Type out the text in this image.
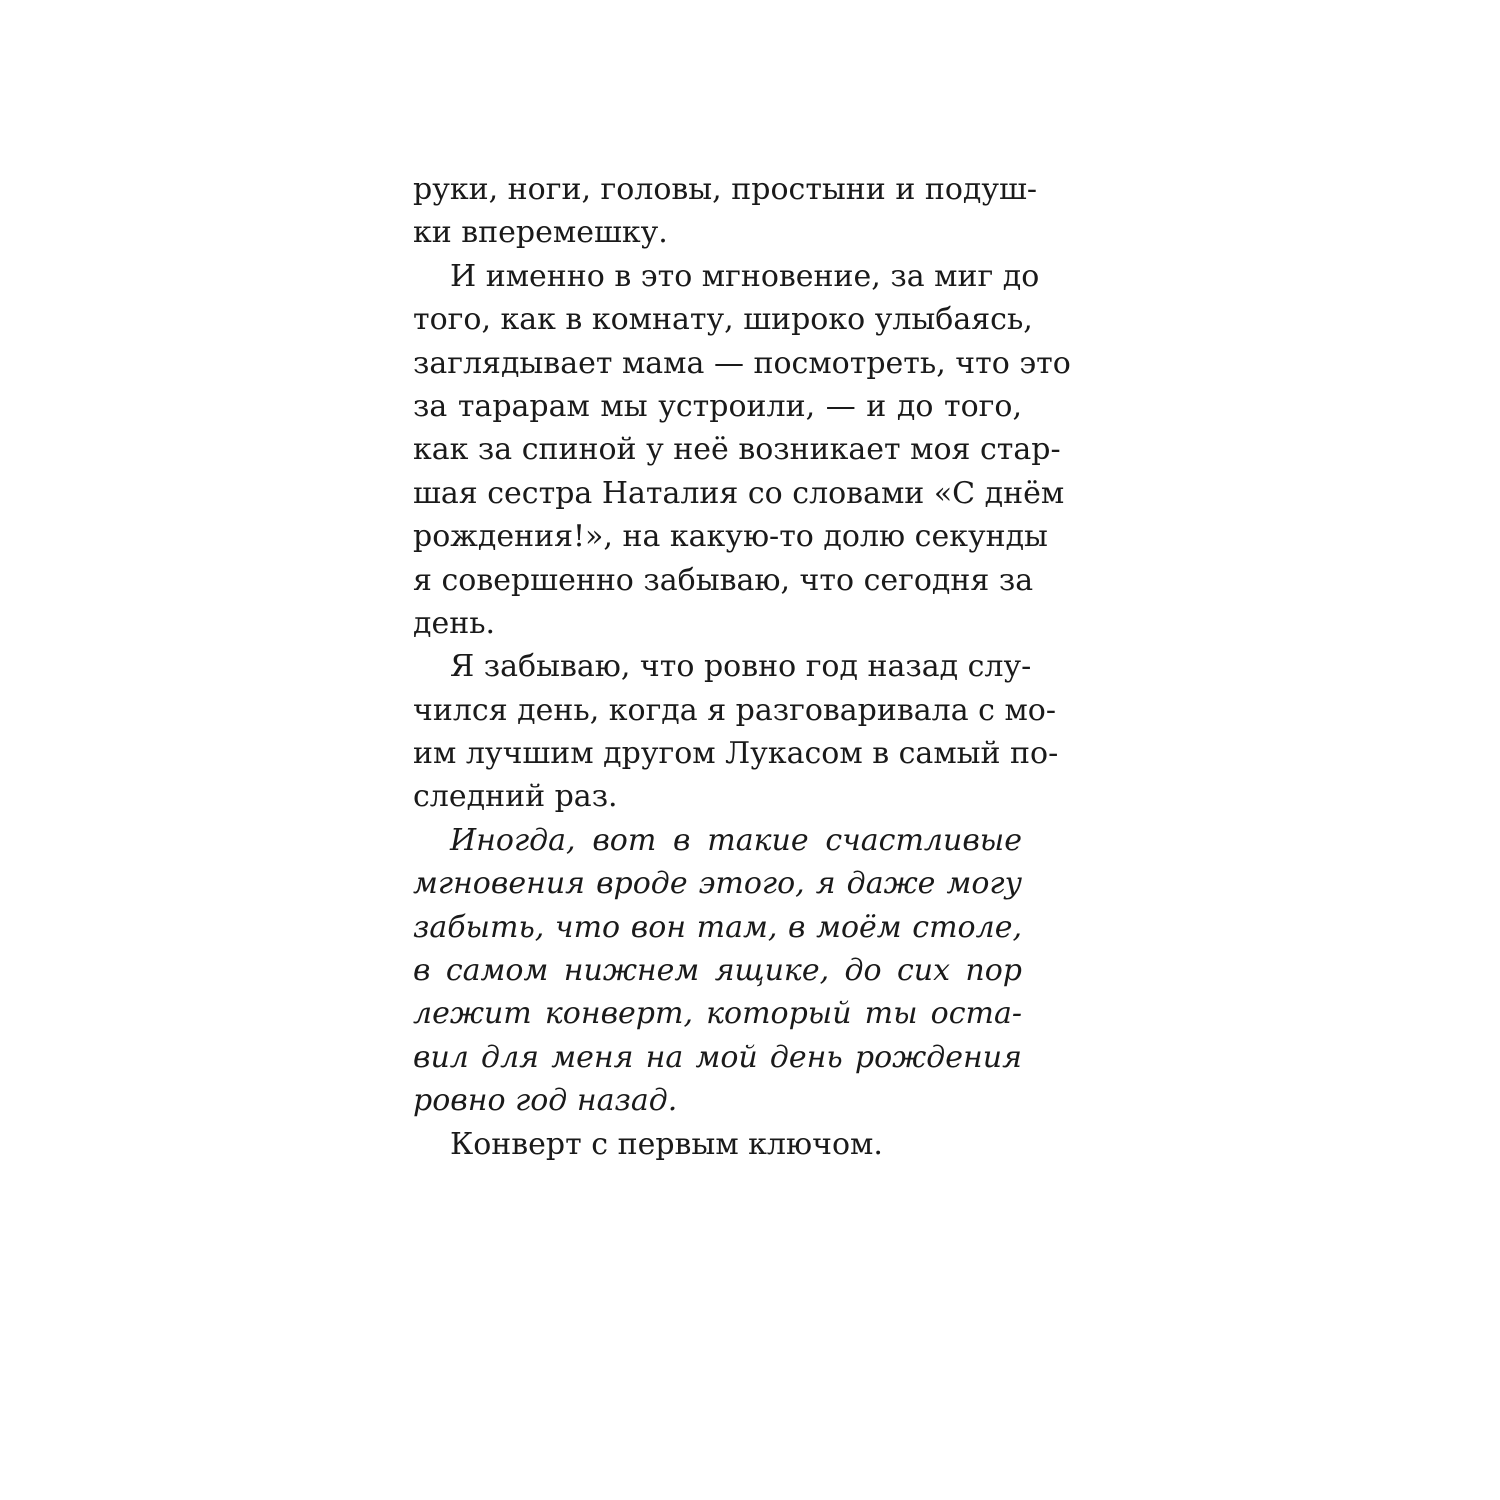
руки, ноги, головы, простыни и подуш-
ки вперемешку.
И именно в это мгновение, за миг до
того, как в комнату, широко улыбаясь,
заглядывает мама — посмотреть, что это
за тарарам мы устроили, — и до того,
как за спиной у неё возникает моя стар-
шая сестра Наталия со словами «С днём
рождения!», на какую-то долю секунды
я совершенно забываю, что сегодня за
день.
Я забываю, что ровно год назад слу-
чился день, когда я разговаривала с мо-
им лучшим другом Лукасом в самый по-
следний раз.
Иногда, вот в такие счастливые
мгновения вроде этого, я даже могу
забыть, что вон там, в моём столе,
в самом нижнем ящике, до сих пор
лежит конверт, который ты оста-
вил для меня на мой день рождения
ровно год назад.
Конверт с первым ключом.
